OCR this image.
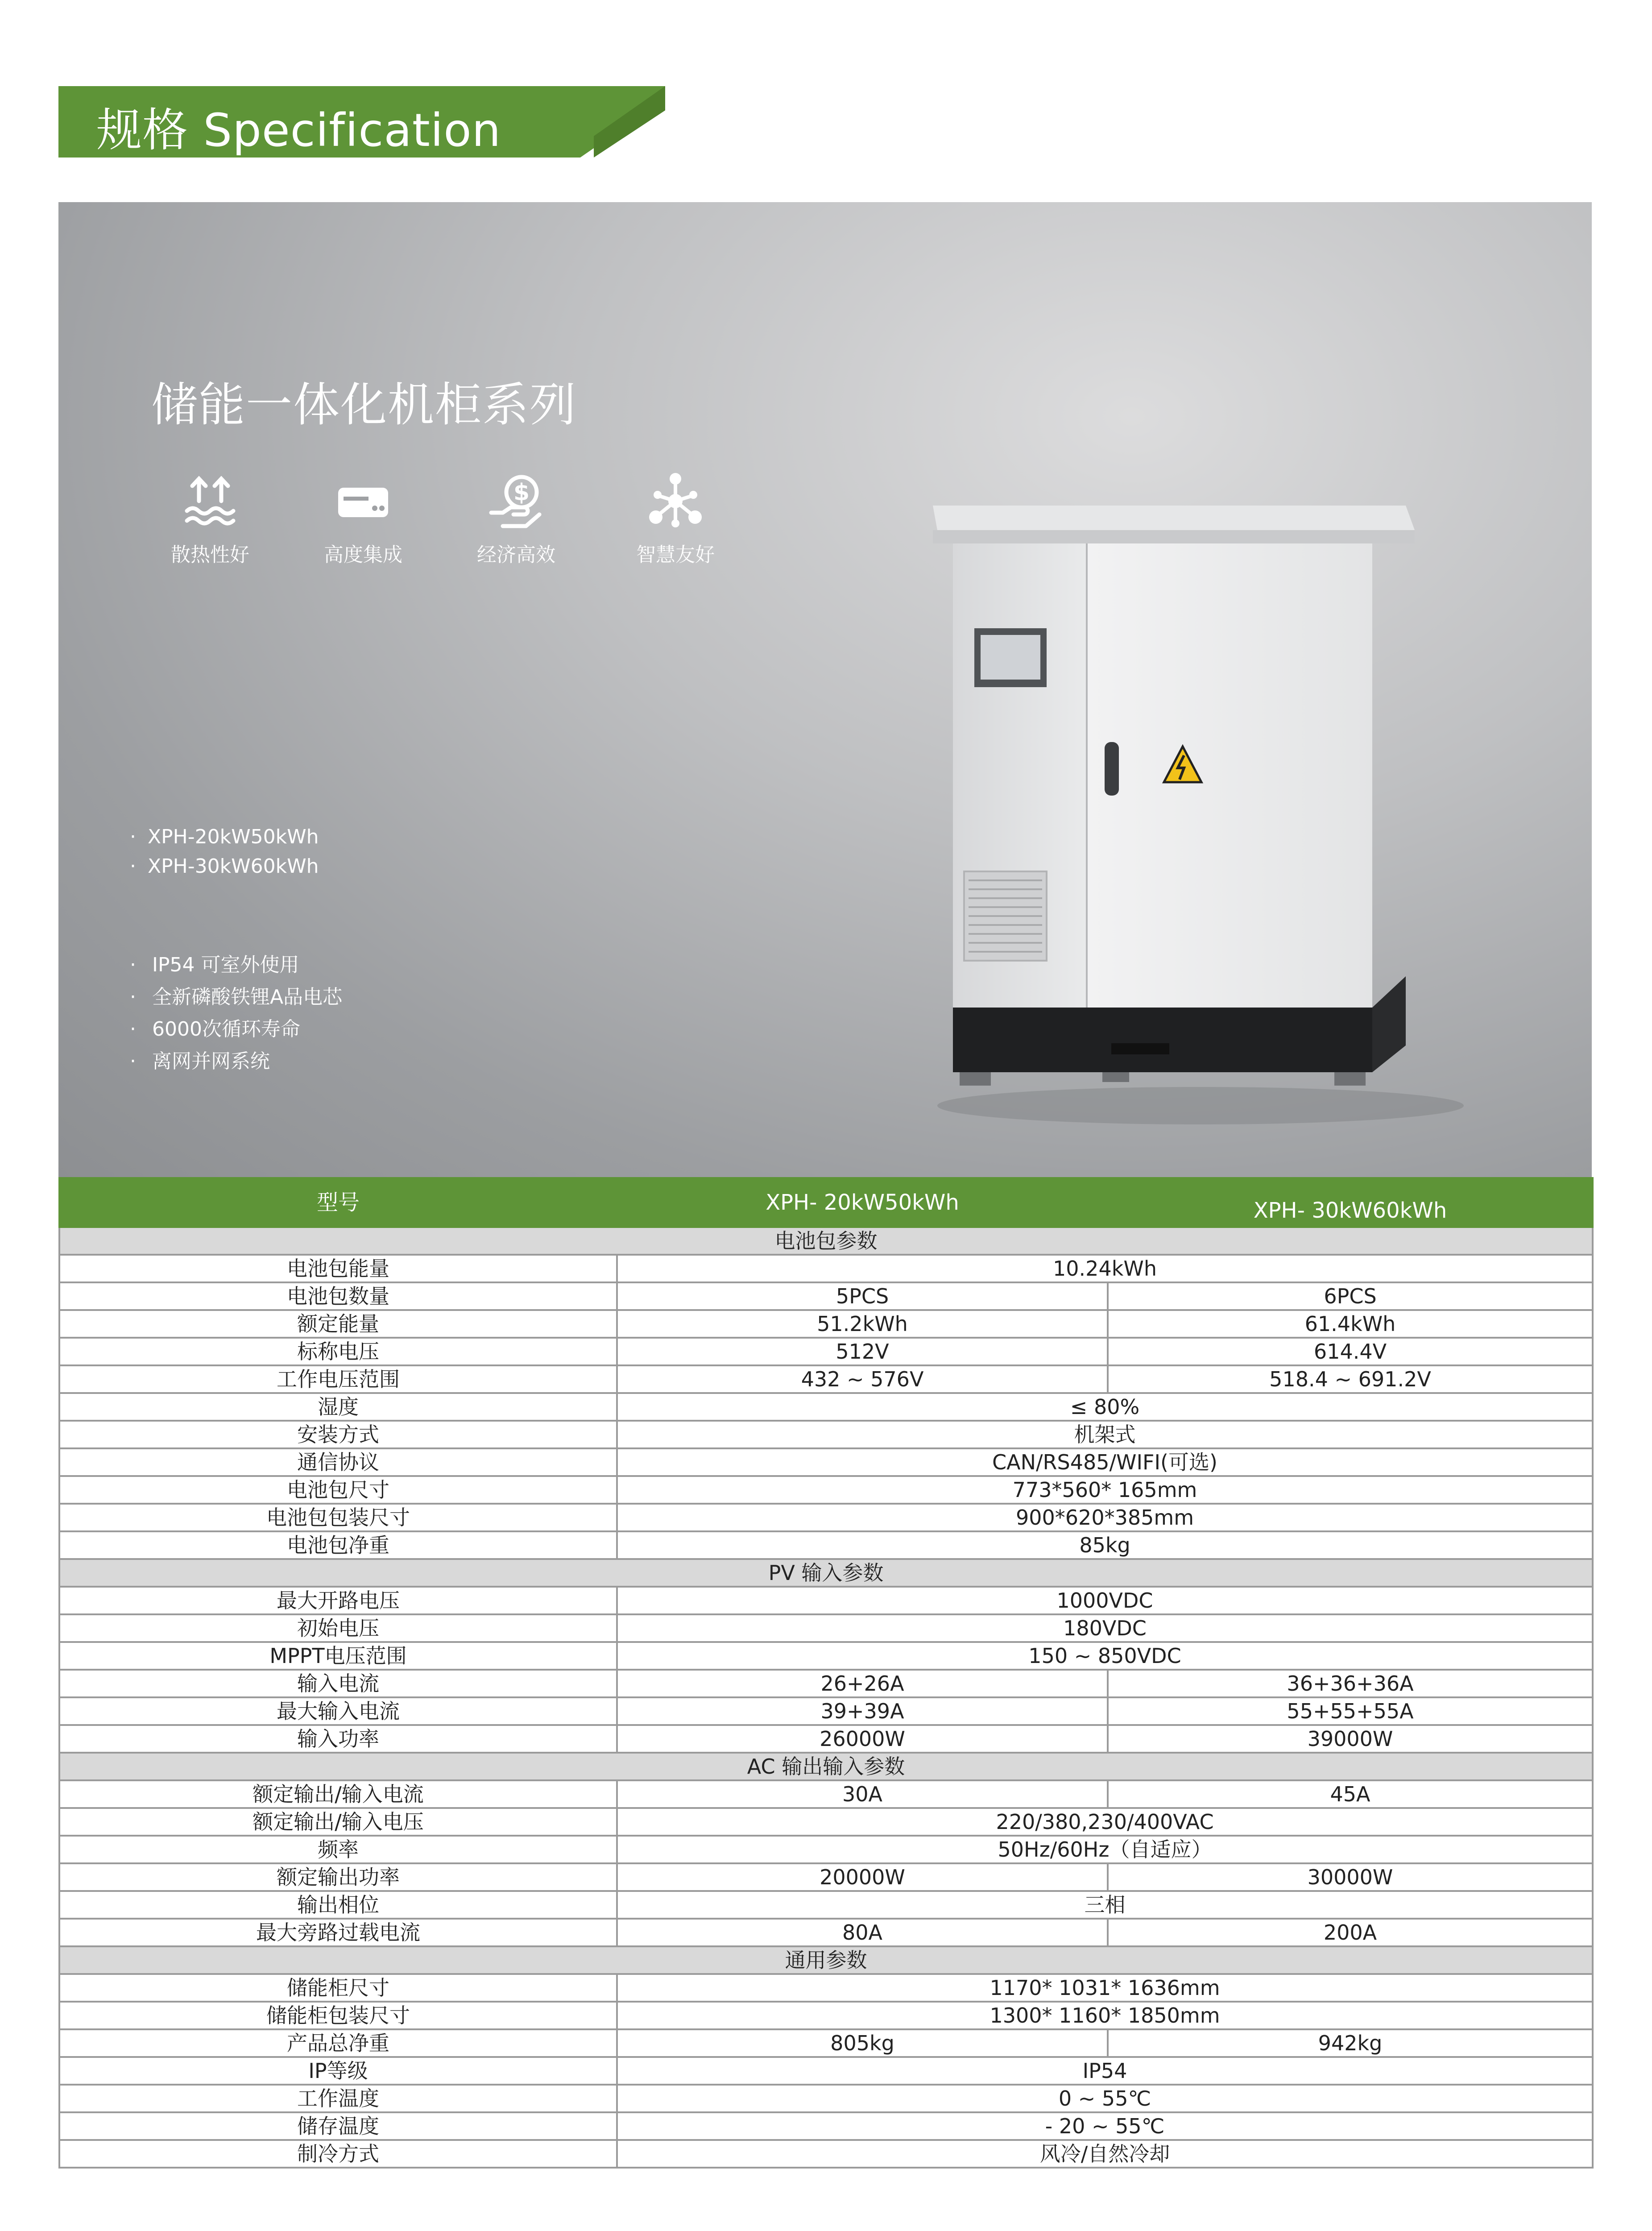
规格 Specification
储能一体化机柜系列
散热性好	高度集成
$
经济高效	智慧友好
· XPH-20kW50kWh
· XPH-30kW60kWh
· IP54 可室外使用
· 全新磷酸铁锂A品电芯
· 6000次循环寿命
· 离网并网系统
型号	XPH- 20kW50kWh	XPH- 30kW60kWh
电池包参数		
电池包能量	10.24kWh	
电池包数量	5PCS	6PCS
额定能量	51.2kWh	61.4kWh
标称电压	512V	614.4V
工作电压范围	432 ~ 576V	518.4 ~ 691.2V
湿度	≤ 80%	
安装方式	机架式	
通信协议	CAN/RS485/WIFI(可选)	
电池包尺寸	773*560* 165mm	
电池包包装尺寸	900*620*385mm	
电池包净重	85kg	
PV 输入参数		
最大开路电压	1000VDC	
初始电压	180VDC	
MPPT电压范围	150 ~ 850VDC	
输入电流	26+26A	36+36+36A
最大输入电流	39+39A	55+55+55A
输入功率	26000W	39000W
AC 输出输入参数		
额定输出/输入电流	30A	45A
额定输出/输入电压	220/380,230/400VAC	
频率	50Hz/60Hz（自适应）	
额定输出功率	20000W	30000W
输出相位	三相	
最大旁路过载电流	80A	200A
通用参数		
储能柜尺寸	1170* 1031* 1636mm	
储能柜包装尺寸	1300* 1160* 1850mm	
产品总净重	805kg	942kg
IP等级	IP54	
工作温度	0 ~ 55℃	
储存温度	- 20 ~ 55℃	
制冷方式	风冷/自然冷却	
